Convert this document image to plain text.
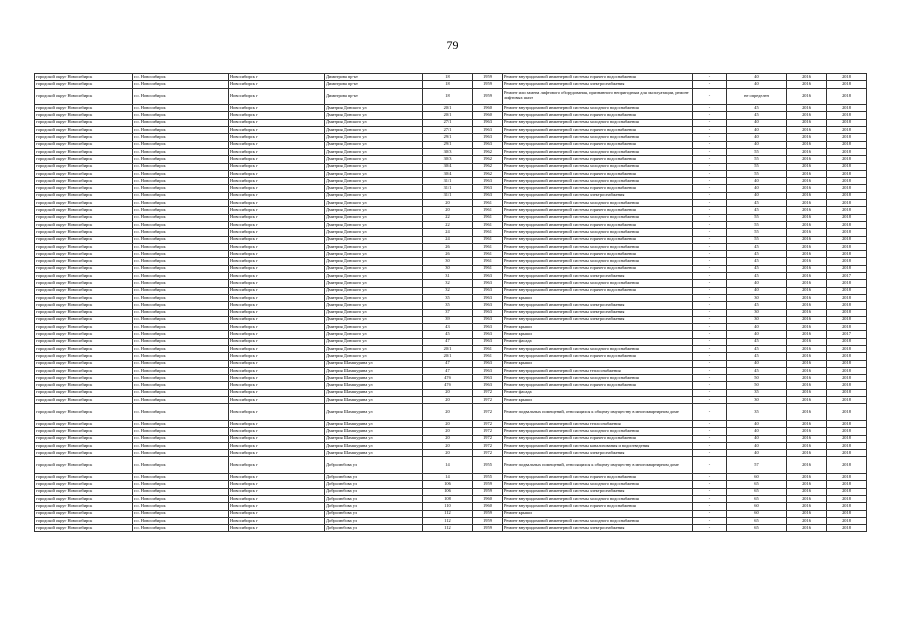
79
городской округ Новосибирск	г.о. Новосибирск	Новосибирск г	Димитрова пр-кт	18	1959	Ремонт внутридомовой инженерной системы горячего водоснабжения	-	40	2016	2018
городской округ Новосибирск	г.о. Новосибирск	Новосибирск г	Димитрова пр-кт	18	1959	Ремонт внутридомовой инженерной системы электроснабжения	-	40	2016	2018
городской округ Новосибирск	г.о. Новосибирск	Новосибирск г	Димитрова пр-кт	18	1959	Ремонт или замена лифтового оборудования, признанного непригодным для эксплуатации, ремонт лифтовых шахт	-	не определен	2016	2018
городской округ Новосибирск	г.о. Новосибирск	Новосибирск г	Дмитрия Донского ул	20/1	1960	Ремонт внутридомовой инженерной системы холодного водоснабжения	-	45	2016	2018
городской округ Новосибирск	г.о. Новосибирск	Новосибирск г	Дмитрия Донского ул	20/1	1960	Ремонт внутридомовой инженерной системы горячего водоснабжения	-	45	2016	2018
городской округ Новосибирск	г.о. Новосибирск	Новосибирск г	Дмитрия Донского ул	27/1	1963	Ремонт внутридомовой инженерной системы холодного водоснабжения	-	40	2016	2018
городской округ Новосибирск	г.о. Новосибирск	Новосибирск г	Дмитрия Донского ул	27/1	1963	Ремонт внутридомовой инженерной системы горячего водоснабжения	-	40	2016	2018
городской округ Новосибирск	г.о. Новосибирск	Новосибирск г	Дмитрия Донского ул	29/1	1963	Ремонт внутридомовой инженерной системы холодного водоснабжения	-	40	2016	2018
городской округ Новосибирск	г.о. Новосибирск	Новосибирск г	Дмитрия Донского ул	29/1	1963	Ремонт внутридомовой инженерной системы горячего водоснабжения	-	40	2016	2018
городской округ Новосибирск	г.о. Новосибирск	Новосибирск г	Дмитрия Донского ул	30/3	1962	Ремонт внутридомовой инженерной системы холодного водоснабжения	-	55	2016	2018
городской округ Новосибирск	г.о. Новосибирск	Новосибирск г	Дмитрия Донского ул	30/3	1962	Ремонт внутридомовой инженерной системы горячего водоснабжения	-	55	2016	2018
городской округ Новосибирск	г.о. Новосибирск	Новосибирск г	Дмитрия Донского ул	30/4	1962	Ремонт внутридомовой инженерной системы холодного водоснабжения	-	55	2016	2018
городской округ Новосибирск	г.о. Новосибирск	Новосибирск г	Дмитрия Донского ул	30/4	1962	Ремонт внутридомовой инженерной системы горячего водоснабжения	-	55	2016	2018
городской округ Новосибирск	г.о. Новосибирск	Новосибирск г	Дмитрия Донского ул	31/1	1963	Ремонт внутридомовой инженерной системы холодного водоснабжения	-	40	2016	2018
городской округ Новосибирск	г.о. Новосибирск	Новосибирск г	Дмитрия Донского ул	31/1	1963	Ремонт внутридомовой инженерной системы горячего водоснабжения	-	40	2016	2018
городской округ Новосибирск	г.о. Новосибирск	Новосибирск г	Дмитрия Донского ул	31/1	1963	Ремонт внутридомовой инженерной системы электроснабжения	-	40	2016	2018
городской округ Новосибирск	г.о. Новосибирск	Новосибирск г	Дмитрия Донского ул	20	1961	Ремонт внутридомовой инженерной системы холодного водоснабжения	-	45	2016	2018
городской округ Новосибирск	г.о. Новосибирск	Новосибирск г	Дмитрия Донского ул	20	1961	Ремонт внутридомовой инженерной системы горячего водоснабжения	-	45	2016	2018
городской округ Новосибирск	г.о. Новосибирск	Новосибирск г	Дмитрия Донского ул	22	1961	Ремонт внутридомовой инженерной системы холодного водоснабжения	-	55	2016	2018
городской округ Новосибирск	г.о. Новосибирск	Новосибирск г	Дмитрия Донского ул	22	1961	Ремонт внутридомовой инженерной системы горячего водоснабжения	-	55	2016	2018
городской округ Новосибирск	г.о. Новосибирск	Новосибирск г	Дмитрия Донского ул	24	1961	Ремонт внутридомовой инженерной системы холодного водоснабжения	-	55	2016	2018
городской округ Новосибирск	г.о. Новосибирск	Новосибирск г	Дмитрия Донского ул	24	1961	Ремонт внутридомовой инженерной системы горячего водоснабжения	-	55	2016	2018
городской округ Новосибирск	г.о. Новосибирск	Новосибирск г	Дмитрия Донского ул	26	1961	Ремонт внутридомовой инженерной системы холодного водоснабжения	-	45	2016	2018
городской округ Новосибирск	г.о. Новосибирск	Новосибирск г	Дмитрия Донского ул	26	1961	Ремонт внутридомовой инженерной системы горячего водоснабжения	-	45	2016	2018
городской округ Новосибирск	г.о. Новосибирск	Новосибирск г	Дмитрия Донского ул	30	1961	Ремонт внутридомовой инженерной системы холодного водоснабжения	-	45	2016	2018
городской округ Новосибирск	г.о. Новосибирск	Новосибирск г	Дмитрия Донского ул	30	1961	Ремонт внутридомовой инженерной системы горячего водоснабжения	-	45	2016	2018
городской округ Новосибирск	г.о. Новосибирск	Новосибирск г	Дмитрия Донского ул	31	1963	Ремонт внутридомовой инженерной системы электроснабжения	-	45	2016	2017
городской округ Новосибирск	г.о. Новосибирск	Новосибирск г	Дмитрия Донского ул	32	1963	Ремонт внутридомовой инженерной системы холодного водоснабжения	-	40	2016	2018
городской округ Новосибирск	г.о. Новосибирск	Новосибирск г	Дмитрия Донского ул	32	1963	Ремонт внутридомовой инженерной системы горячего водоснабжения	-	40	2016	2018
городской округ Новосибирск	г.о. Новосибирск	Новосибирск г	Дмитрия Донского ул	35	1963	Ремонт крыши	-	30	2016	2018
городской округ Новосибирск	г.о. Новосибирск	Новосибирск г	Дмитрия Донского ул	35	1963	Ремонт внутридомовой инженерной системы электроснабжения	-	45	2016	2018
городской округ Новосибирск	г.о. Новосибирск	Новосибирск г	Дмитрия Донского ул	37	1963	Ремонт внутридомовой инженерной системы электроснабжения	-	30	2016	2018
городской округ Новосибирск	г.о. Новосибирск	Новосибирск г	Дмитрия Донского ул	39	1963	Ремонт внутридомовой инженерной системы электроснабжения	-	30	2016	2018
городской округ Новосибирск	г.о. Новосибирск	Новосибирск г	Дмитрия Донского ул	43	1963	Ремонт крыши	-	40	2016	2018
городской округ Новосибирск	г.о. Новосибирск	Новосибирск г	Дмитрия Донского ул	45	1963	Ремонт крыши	-	40	2016	2017
городской округ Новосибирск	г.о. Новосибирск	Новосибирск г	Дмитрия Донского ул	47	1963	Ремонт фасада	-	45	2016	2018
городской округ Новосибирск	г.о. Новосибирск	Новосибирск г	Дмитрия Донского ул	20/1	1961	Ремонт внутридомовой инженерной системы холодного водоснабжения	-	45	2016	2018
городской округ Новосибирск	г.о. Новосибирск	Новосибирск г	Дмитрия Донского ул	20/1	1961	Ремонт внутридомовой инженерной системы горячего водоснабжения	-	45	2016	2018
городской округ Новосибирск	г.о. Новосибирск	Новосибирск г	Дмитрия Шамшурина ул	47	1963	Ремонт крыши	-	40	2016	2018
городской округ Новосибирск	г.о. Новосибирск	Новосибирск г	Дмитрия Шамшурина ул	47	1963	Ремонт внутридомовой инженерной системы теплоснабжения	-	45	2016	2018
городской округ Новосибирск	г.о. Новосибирск	Новосибирск г	Дмитрия Шамшурина ул	47б	1963	Ремонт внутридомовой инженерной системы холодного водоснабжения	-	50	2016	2018
городской округ Новосибирск	г.о. Новосибирск	Новосибирск г	Дмитрия Шамшурина ул	47б	1963	Ремонт внутридомовой инженерной системы горячего водоснабжения	-	50	2016	2018
городской округ Новосибирск	г.о. Новосибирск	Новосибирск г	Дмитрия Шамшурина ул	20	1972	Ремонт фасада	-	35	2016	2018
городской округ Новосибирск	г.о. Новосибирск	Новосибирск г	Дмитрия Шамшурина ул	20	1972	Ремонт крыши	-	30	2016	2018
городской округ Новосибирск	г.о. Новосибирск	Новосибирск г	Дмитрия Шамшурина ул	20	1972	Ремонт подвальных помещений, относящихся к общему имуществу в многоквартирном доме	-	35	2016	2018
городской округ Новосибирск	г.о. Новосибирск	Новосибирск г	Дмитрия Шамшурина ул	20	1972	Ремонт внутридомовой инженерной системы теплоснабжения	-	40	2016	2018
городской округ Новосибирск	г.о. Новосибирск	Новосибирск г	Дмитрия Шамшурина ул	20	1972	Ремонт внутридомовой инженерной системы холодного водоснабжения	-	40	2016	2018
городской округ Новосибирск	г.о. Новосибирск	Новосибирск г	Дмитрия Шамшурина ул	20	1972	Ремонт внутридомовой инженерной системы горячего водоснабжения	-	40	2016	2018
городской округ Новосибирск	г.о. Новосибирск	Новосибирск г	Дмитрия Шамшурина ул	20	1972	Ремонт внутридомовой инженерной системы канализования и водоотведения	-	40	2016	2018
городской округ Новосибирск	г.о. Новосибирск	Новосибирск г	Дмитрия Шамшурина ул	20	1972	Ремонт внутридомовой инженерной системы электроснабжения	-	40	2016	2018
городской округ Новосибирск	г.о. Новосибирск	Новосибирск г	Добролюбова ул	14	1955	Ремонт подвальных помещений, относящихся к общему имуществу в многоквартирном доме	-	57	2016	2018
городской округ Новосибирск	г.о. Новосибирск	Новосибирск г	Добролюбова ул	14	1955	Ремонт внутридомовой инженерной системы горячего водоснабжения	-	60	2016	2018
городской округ Новосибирск	г.о. Новосибирск	Новосибирск г	Добролюбова ул	106	1959	Ремонт внутридомовой инженерной системы холодного водоснабжения	-	65	2016	2018
городской округ Новосибирск	г.о. Новосибирск	Новосибирск г	Добролюбова ул	106	1959	Ремонт внутридомовой инженерной системы электроснабжения	-	65	2016	2018
городской округ Новосибирск	г.о. Новосибирск	Новосибирск г	Добролюбова ул	108	1960	Ремонт внутридомовой инженерной системы холодного водоснабжения	-	65	2016	2018
городской округ Новосибирск	г.о. Новосибирск	Новосибирск г	Добролюбова ул	110	1960	Ремонт внутридомовой инженерной системы горячего водоснабжения	-	60	2016	2018
городской округ Новосибирск	г.о. Новосибирск	Новосибирск г	Добролюбова ул	112	1959	Ремонт крыши	-	60	2016	2018
городской округ Новосибирск	г.о. Новосибирск	Новосибирск г	Добролюбова ул	112	1959	Ремонт внутридомовой инженерной системы холодного водоснабжения	-	65	2016	2018
городской округ Новосибирск	г.о. Новосибирск	Новосибирск г	Добролюбова ул	112	1959	Ремонт внутридомовой инженерной системы электроснабжения	-	65	2016	2018
